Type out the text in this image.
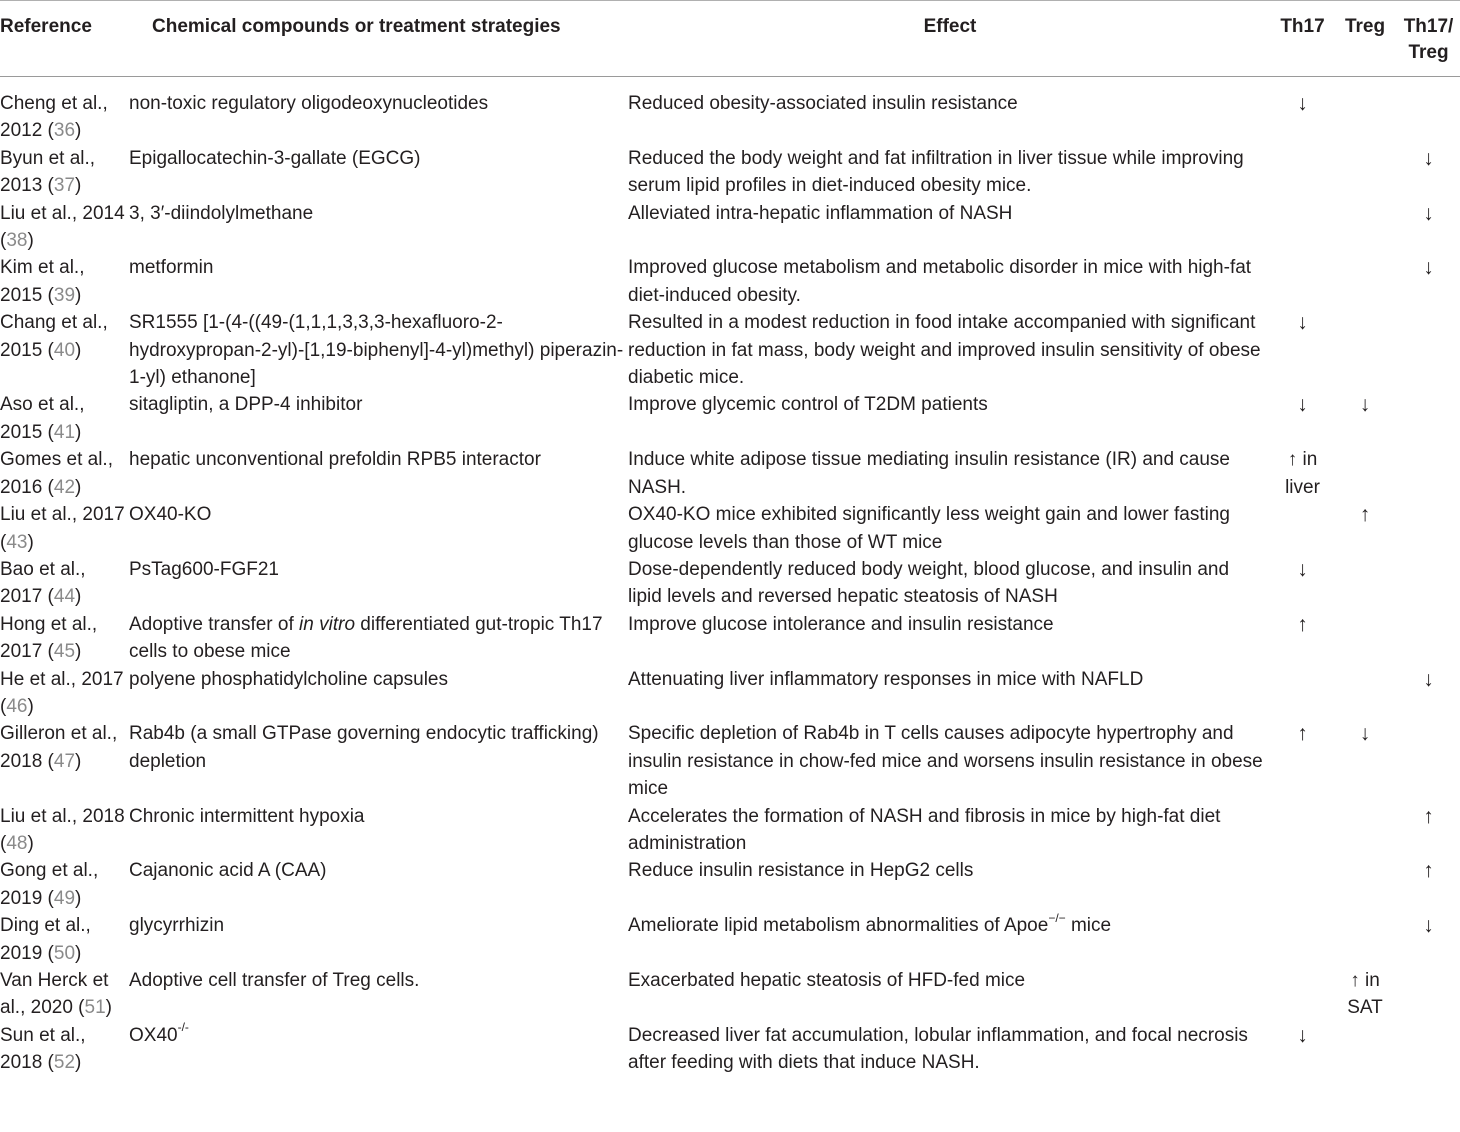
Reference	Chemical compounds or treatment strategies	Effect	Th17	Treg	Th17/
Treg
Cheng et al., 2012 (36)	non-toxic regulatory oligodeoxynucleotides	Reduced obesity-associated insulin resistance	↓		
Byun et al., 2013 (37)	Epigallocatechin-3-gallate (EGCG)	Reduced the body weight and fat infiltration in liver tissue while improving serum lipid profiles in diet-induced obesity mice.			↓
Liu et al., 2014 (38)	3, 3′-diindolylmethane	Alleviated intra-hepatic inflammation of NASH			↓
Kim et al., 2015 (39)	metformin	Improved glucose metabolism and metabolic disorder in mice with high-fat diet-induced obesity.			↓
Chang et al., 2015 (40)	SR1555 [1-(4-((49-(1,1,1,3,3,3-hexafluoro-2-hydroxypropan-2-yl)-[1,19-biphenyl]-4-yl)methyl) piperazin-1-yl) ethanone]	Resulted in a modest reduction in food intake accompanied with significant reduction in fat mass, body weight and improved insulin sensitivity of obese diabetic mice.	↓		
Aso et al., 2015 (41)	sitagliptin, a DPP-4 inhibitor	Improve glycemic control of T2DM patients	↓	↓	
Gomes et al., 2016 (42)	hepatic unconventional prefoldin RPB5 interactor	Induce white adipose tissue mediating insulin resistance (IR) and cause NASH.	↑ in liver		
Liu et al., 2017 (43)	OX40-KO	OX40-KO mice exhibited significantly less weight gain and lower fasting glucose levels than those of WT mice		↑	
Bao et al., 2017 (44)	PsTag600-FGF21	Dose-dependently reduced body weight, blood glucose, and insulin and lipid levels and reversed hepatic steatosis of NASH	↓		
Hong et al., 2017 (45)	Adoptive transfer of in vitro differentiated gut-tropic Th17 cells to obese mice	Improve glucose intolerance and insulin resistance	↑		
He et al., 2017 (46)	polyene phosphatidylcholine capsules	Attenuating liver inflammatory responses in mice with NAFLD			↓
Gilleron et al., 2018 (47)	Rab4b (a small GTPase governing endocytic trafficking) depletion	Specific depletion of Rab4b in T cells causes adipocyte hypertrophy and insulin resistance in chow-fed mice and worsens insulin resistance in obese mice	↑	↓	
Liu et al., 2018 (48)	Chronic intermittent hypoxia	Accelerates the formation of NASH and fibrosis in mice by high-fat diet administration			↑
Gong et al., 2019 (49)	Cajanonic acid A (CAA)	Reduce insulin resistance in HepG2 cells			↑
Ding et al., 2019 (50)	glycyrrhizin	Ameliorate lipid metabolism abnormalities of Apoe−/− mice			↓
Van Herck et al., 2020 (51)	Adoptive cell transfer of Treg cells.	Exacerbated hepatic steatosis of HFD-fed mice		↑ in SAT	
Sun et al., 2018 (52)	OX40-/-	Decreased liver fat accumulation, lobular inflammation, and focal necrosis after feeding with diets that induce NASH.	↓		
